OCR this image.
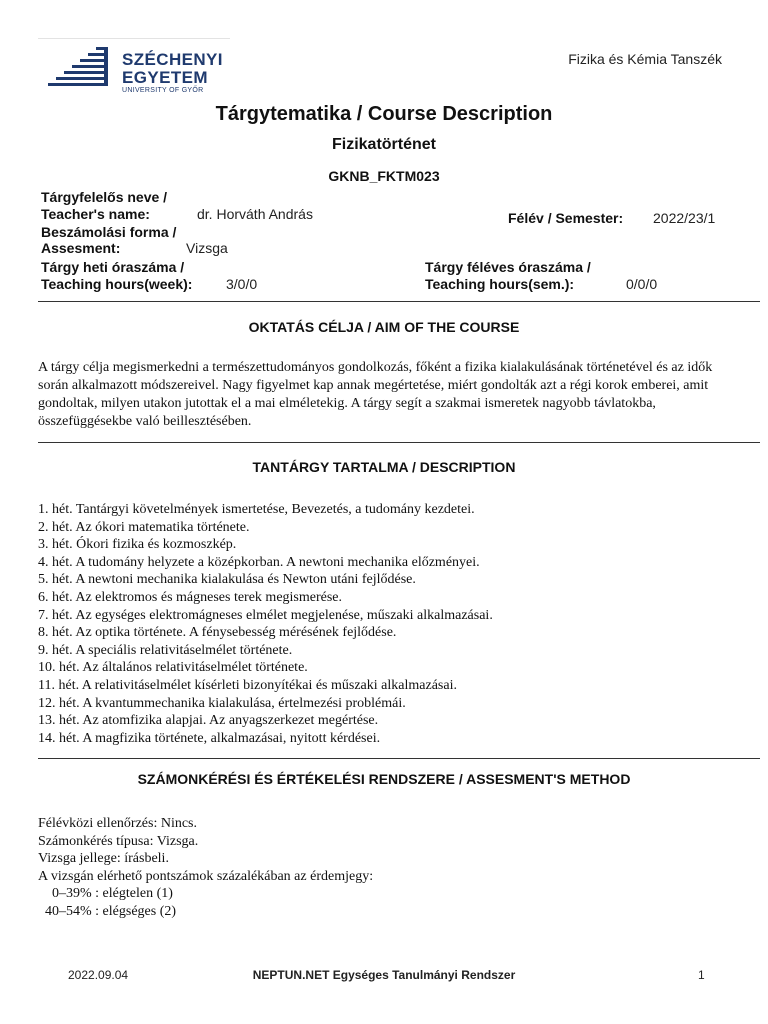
SZÉCHENYI
EGYETEM
UNIVERSITY OF GYŐR
Fizika és Kémia Tanszék
Tárgytematika / Course Description
Fizikatörténet
GKNB_FKTM023
Tárgyfelelős neve /
Teacher's name:	dr. Horváth András	Félév / Semester: 2022/23/1
Beszámolási forma /
Assesment:	Vizsga
Tárgy heti óraszáma /
Teaching hours(week): 3/0/0
Tárgy féléves óraszáma /
Teaching hours(sem.):	0/0/0
OKTATÁS CÉLJA / AIM OF THE COURSE
A tárgy célja megismerkedni a természettudományos gondolkozás, főként a fizika kialakulásának történetével és az idők során alkalmazott módszereivel. Nagy figyelmet kap annak megértetése, miért gondolták azt a régi korok emberei, amit gondoltak, milyen utakon jutottak el a mai elméletekig. A tárgy segít a szakmai ismeretek nagyobb távlatokba, összefüggésekbe való beillesztésében.
TANTÁRGY TARTALMA / DESCRIPTION
1. hét. Tantárgyi követelmények ismertetése, Bevezetés, a tudomány kezdetei.
2. hét. Az ókori matematika története.
3. hét. Ókori fizika és kozmoszkép.
4. hét. A tudomány helyzete a középkorban. A newtoni mechanika előzményei.
5. hét. A newtoni mechanika kialakulása és Newton utáni fejlődése.
6. hét. Az elektromos és mágneses terek megismerése.
7. hét. Az egységes elektromágneses elmélet megjelenése, műszaki alkalmazásai.
8. hét. Az optika története. A fénysebesség mérésének fejlődése.
9. hét. A speciális relativitáselmélet története.
10. hét. Az általános relativitáselmélet története.
11. hét. A relativitáselmélet kísérleti bizonyítékai és műszaki alkalmazásai.
12. hét. A kvantummechanika kialakulása, értelmezési problémái.
13. hét. Az atomfizika alapjai. Az anyagszerkezet megértése.
14. hét. A magfizika története, alkalmazásai, nyitott kérdései.
SZÁMONKÉRÉSI ÉS ÉRTÉKELÉSI RENDSZERE / ASSESMENT'S METHOD
Félévközi ellenőrzés: Nincs.
Számonkérés típusa: Vizsga.
Vizsga jellege: írásbeli.
A vizsgán elérhető pontszámok százalékában az érdemjegy:
0–39% : elégtelen (1)
40–54% : elégséges (2)
2022.09.04	NEPTUN.NET Egységes Tanulmányi Rendszer	1
